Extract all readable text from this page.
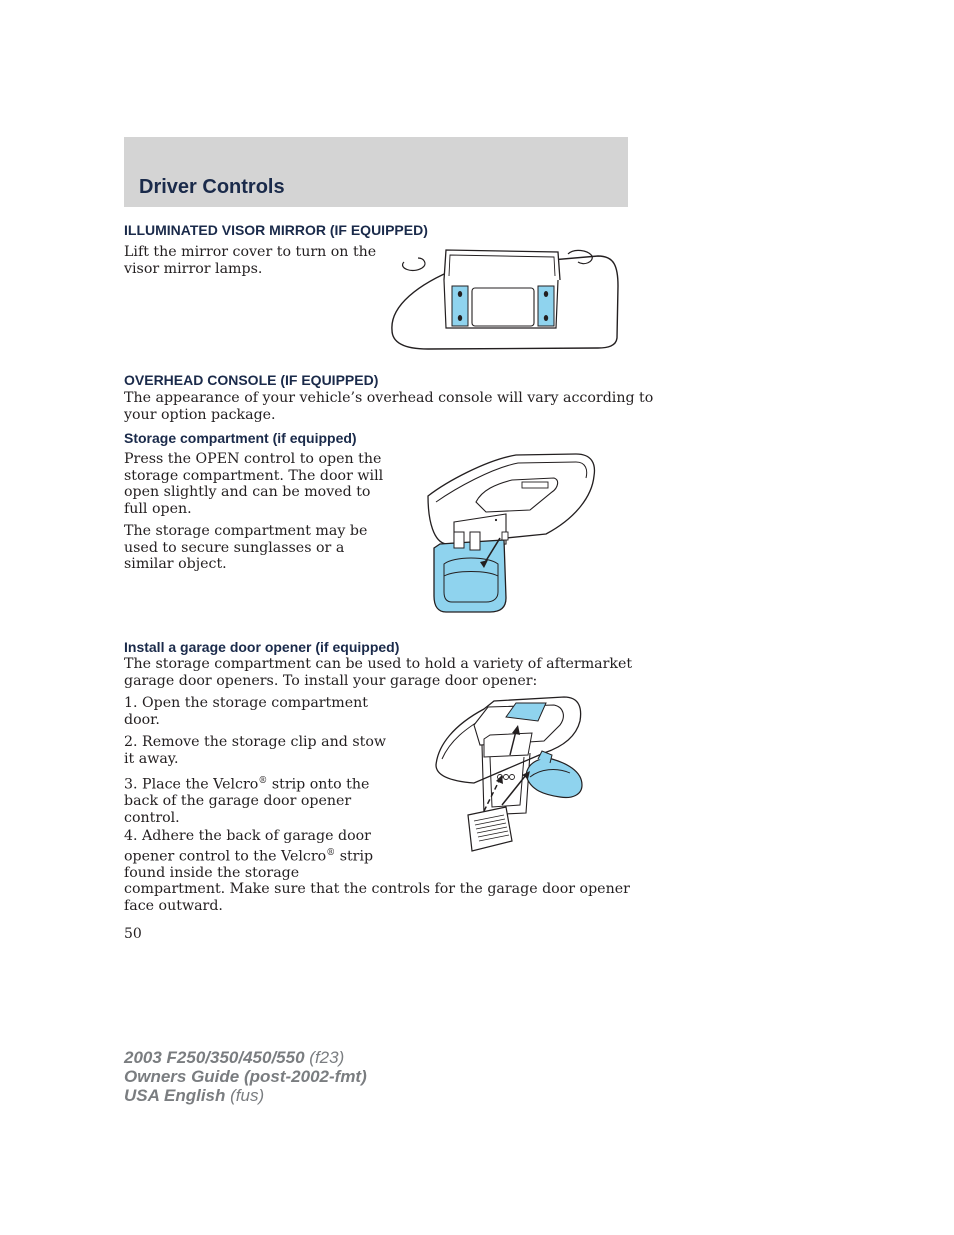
Driver Controls
ILLUMINATED VISOR MIRROR (IF EQUIPPED)
Lift the mirror cover to turn on the
visor mirror lamps.
OVERHEAD CONSOLE (IF EQUIPPED)
The appearance of your vehicle’s overhead console will vary according to
your option package.
Storage compartment (if equipped)
Press the OPEN control to open the
storage compartment. The door will
open slightly and can be moved to
full open.
The storage compartment may be
used to secure sunglasses or a
similar object.
Install a garage door opener (if equipped)
The storage compartment can be used to hold a variety of aftermarket
garage door openers. To install your garage door opener:
1. Open the storage compartment
door.
2. Remove the storage clip and stow
it away.
3. Place the Velcro® strip onto the
back of the garage door opener
control.
4. Adhere the back of garage door
opener control to the Velcro® strip
found inside the storage
compartment. Make sure that the controls for the garage door opener
face outward.
50
2003 F250/350/450/550 (f23)
Owners Guide (post-2002-fmt)
USA English (fus)
